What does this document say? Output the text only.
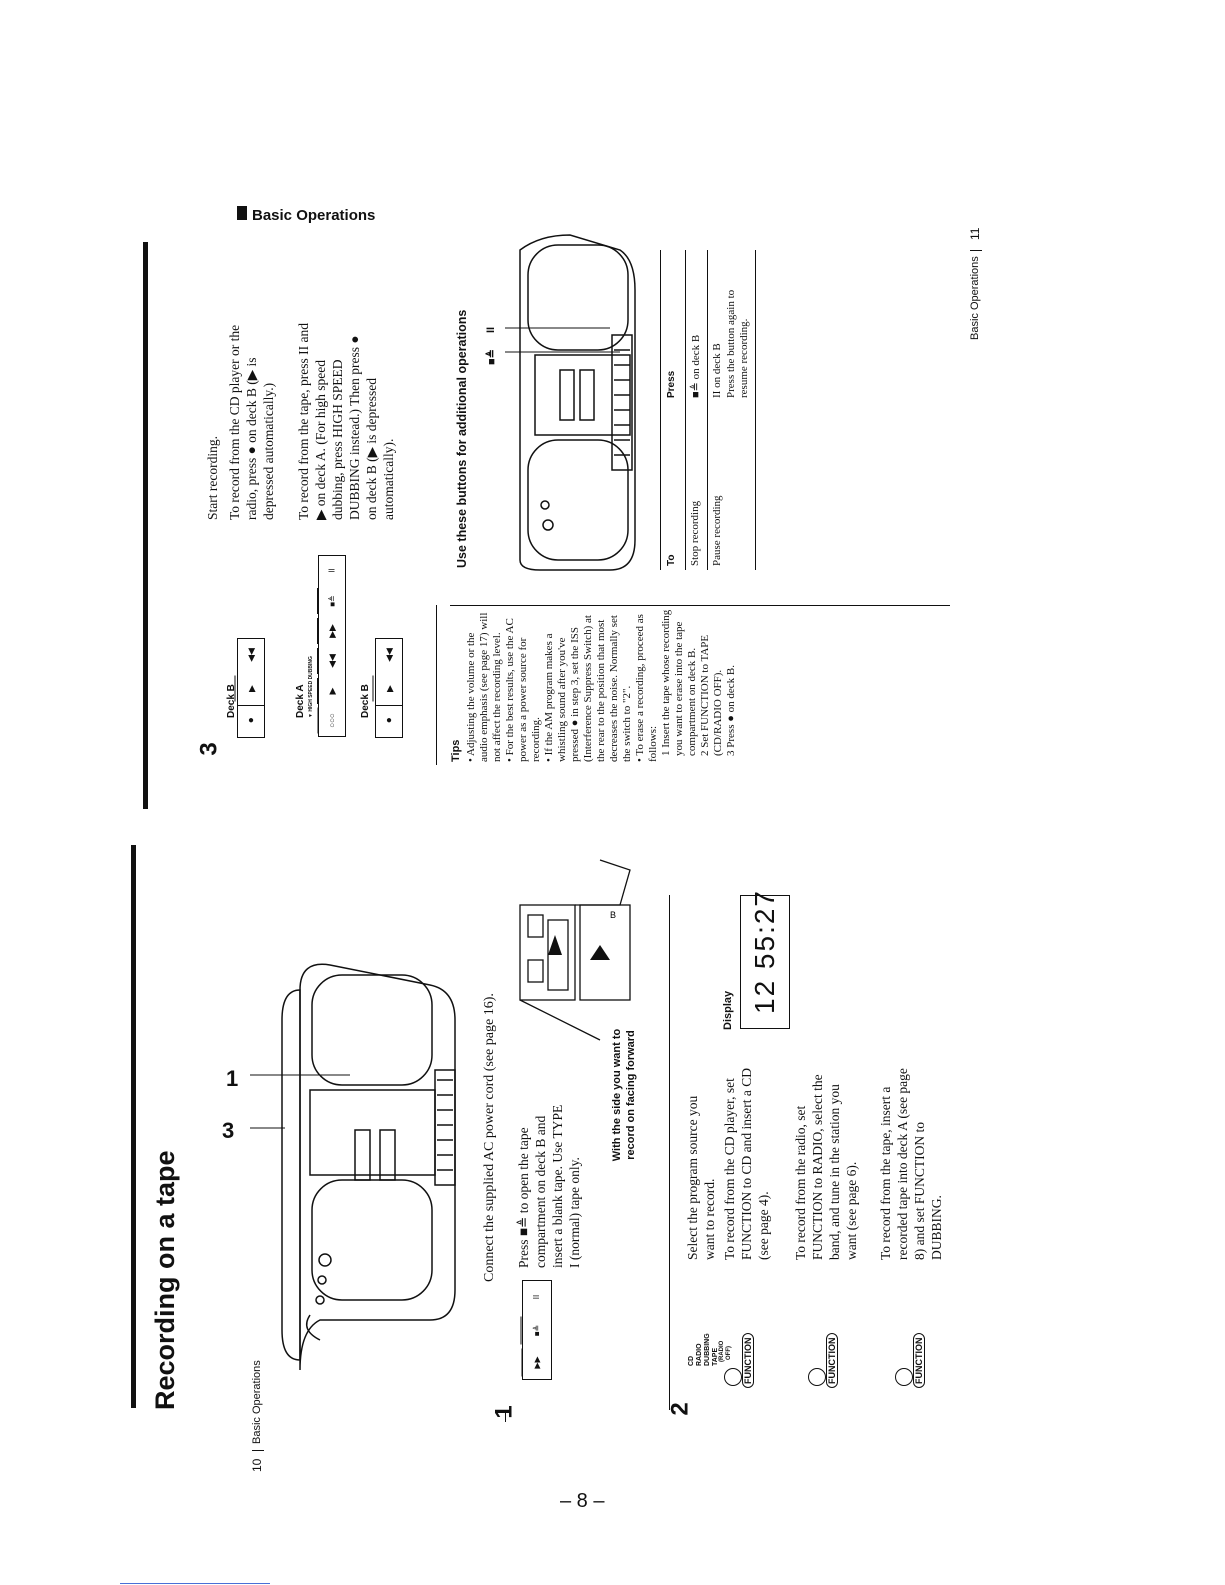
Recording on a tape
10
Basic Operations
3
1	Connect the supplied AC power cord (see page 16).
1
▶▶
■≜
II
Press ■≜ to open the tape compartment on deck B and insert a blank tape. Use TYPE I (normal) tape only.
With the side you want to record on facing forward
B
2
FUNCTION
CD RADIO DUBBING TAPE (RADIO OFF)	FUNCTION	FUNCTION
Select the program source you want to record. To record from the CD player, set FUNCTION to CD and insert a CD (see page 4). To record from the radio, set FUNCTION to RADIO, select the band, and tune in the station you want (see page 6). To record from the tape, insert a recorded tape into deck A (see page 8) and set FUNCTION to DUBBING.
Display 12 55:27
– 8 –
Basic Operations
11
Basic Operations
3
Deck B
●
▶
◀◀
Deck A ▼ HIGH SPEED DUBBING
○○○
▶
◀◀
▶▶
■≜
II
Deck B
●
▶
◀◀
Start recording. To record from the CD player or the radio, press ● on deck B (▶ is depressed automatically.) To record from the tape, press II and ▶ on deck A. (For high speed dubbing, press HIGH SPEED DUBBING instead.) Then press ● on deck B (▶ is depressed automatically).
Tips • Adjusting the volume or the audio emphasis (see page 17) will not affect the recording level. • For the best results, use the AC power as a power source for recording. • If the AM program makes a whistling sound after you've pressed ● in step 3, set the ISS (Interference Suppress Switch) at the rear to the position that most decreases the noise. Normally set the switch to "2". • To erase a recording, proceed as follows: 1 Insert the tape whose recording you want to erase into the tape compartment on deck B. 2 Set FUNCTION to TAPE (CD/RADIO OFF). 3 Press ● on deck B.
Use these buttons for additional operations ■≜
II
To
Press
Stop recording
■≜ on deck B
Pause recording
II on deck B Press the button again to resume recording.
